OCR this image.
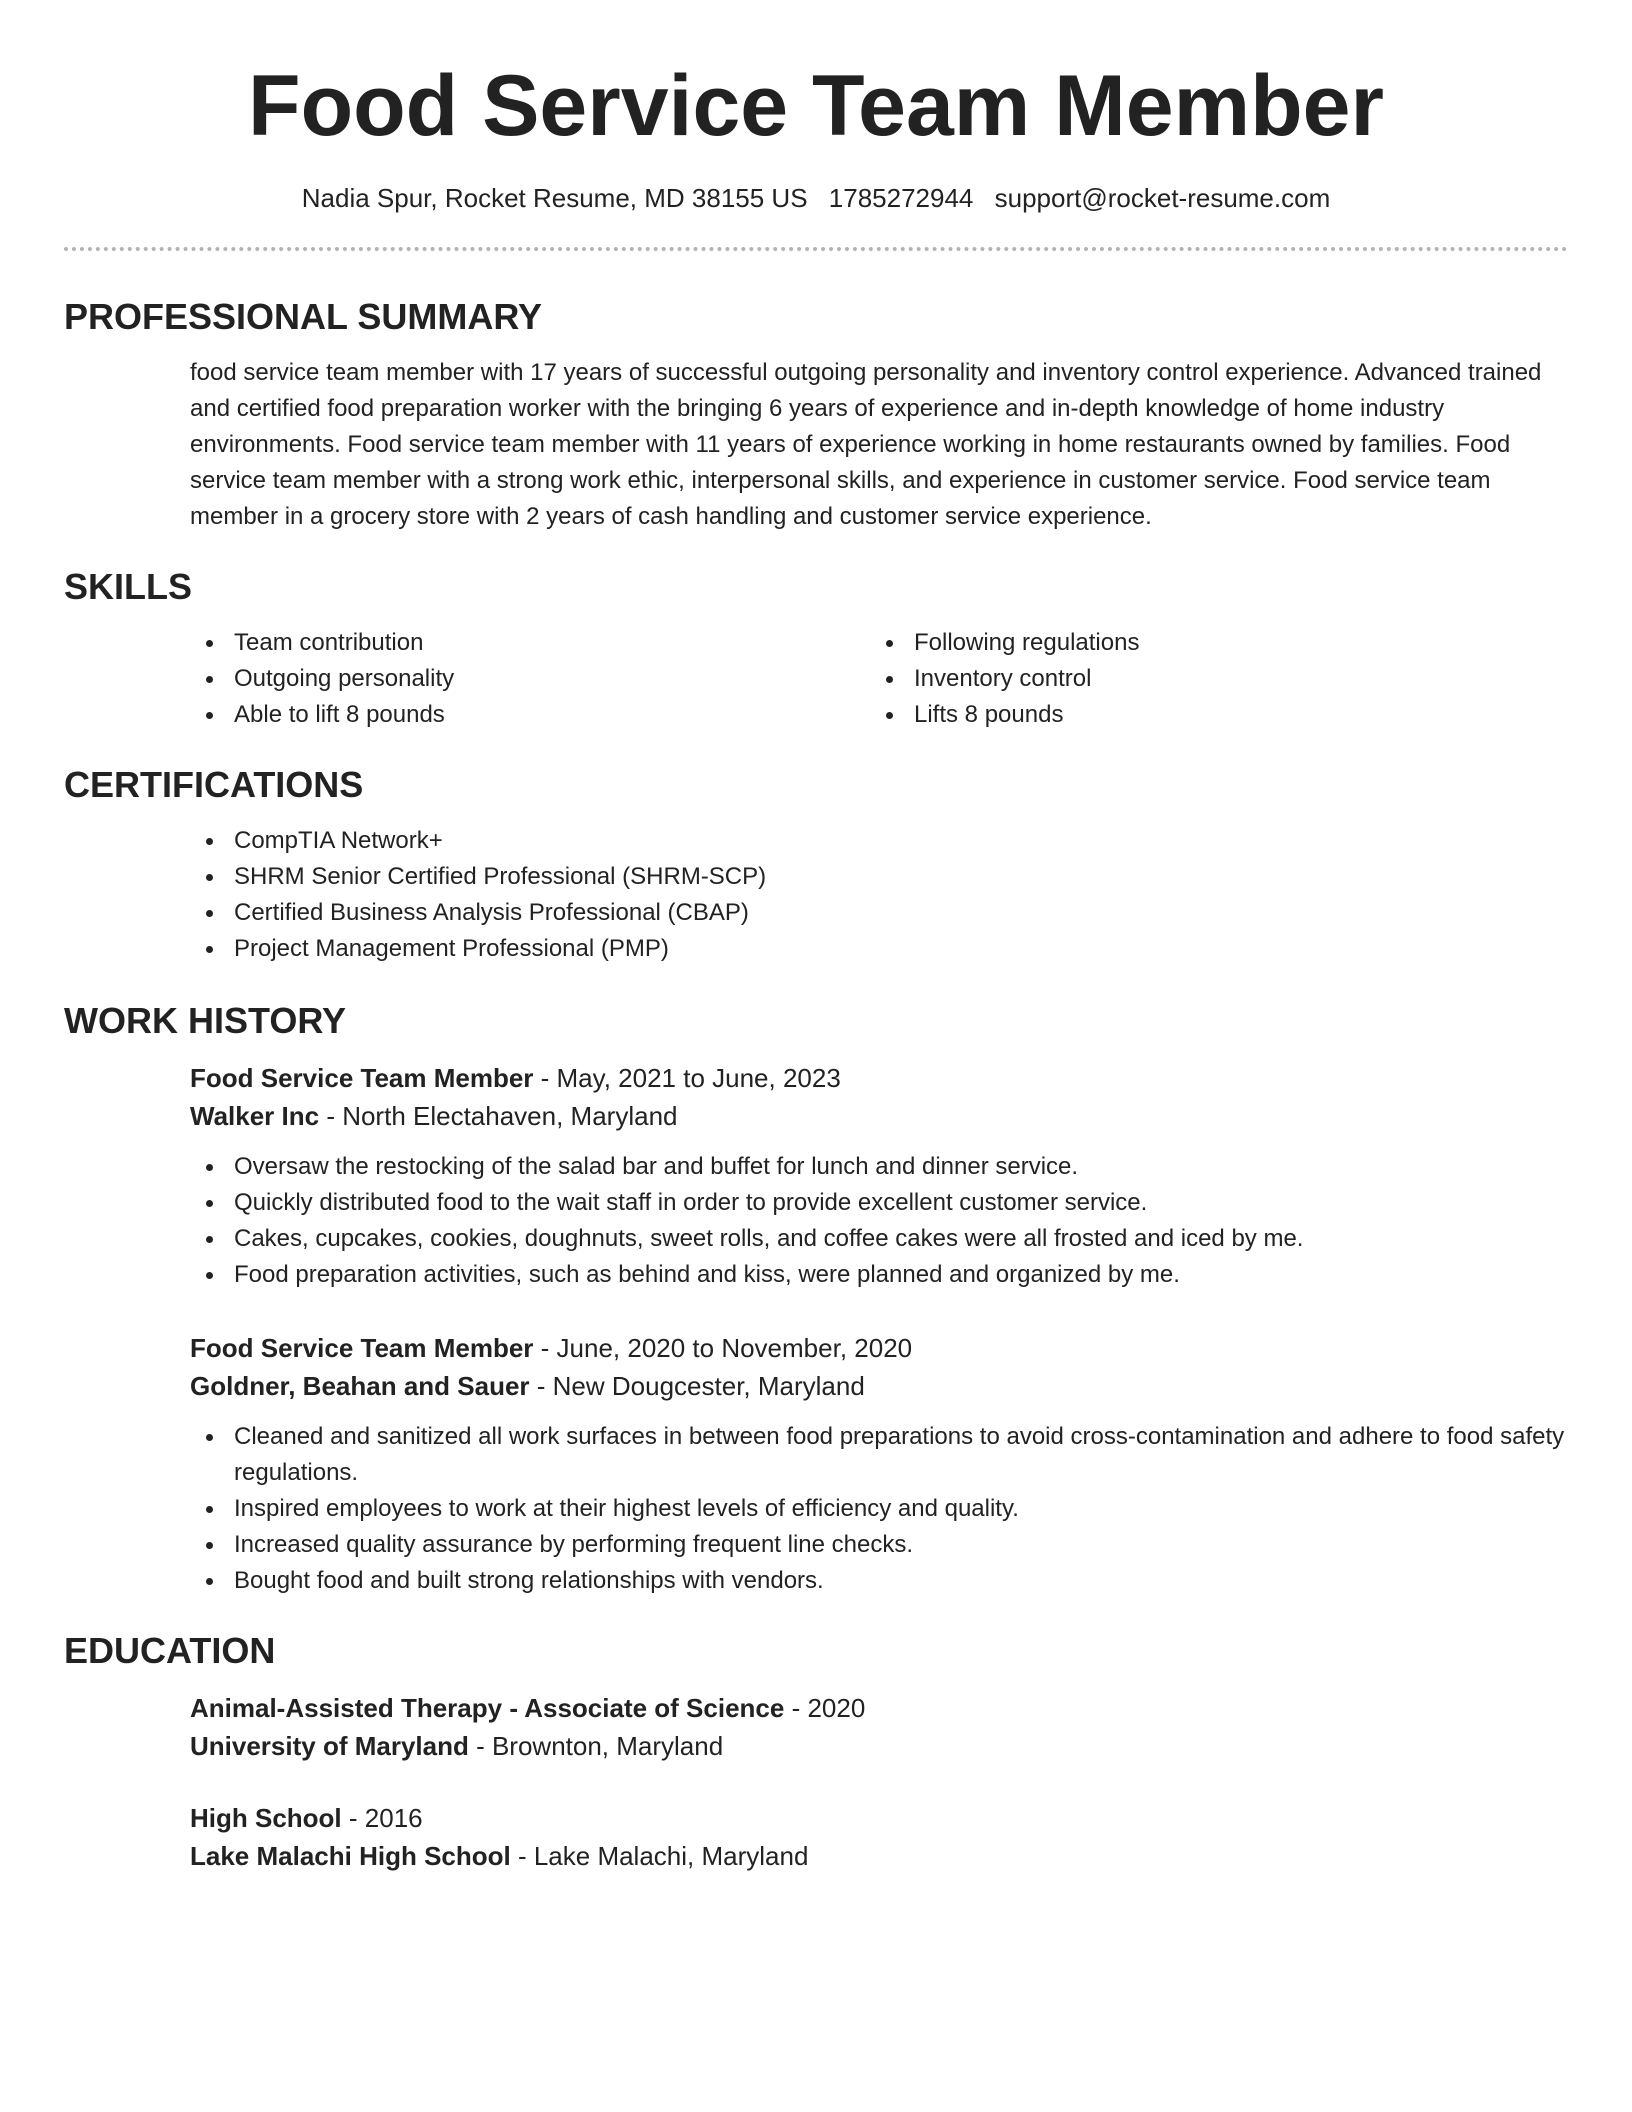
Food Service Team Member
Nadia Spur, Rocket Resume, MD 38155 US 1785272944 support@rocket-resume.com
PROFESSIONAL SUMMARY
food service team member with 17 years of successful outgoing personality and inventory control experience. Advanced trained and certified food preparation worker with the bringing 6 years of experience and in-depth knowledge of home industry environments. Food service team member with 11 years of experience working in home restaurants owned by families. Food service team member with a strong work ethic, interpersonal skills, and experience in customer service. Food service team member in a grocery store with 2 years of cash handling and customer service experience.
SKILLS
Team contribution
Outgoing personality
Able to lift 8 pounds
Following regulations
Inventory control
Lifts 8 pounds
CERTIFICATIONS
CompTIA Network+
SHRM Senior Certified Professional (SHRM-SCP)
Certified Business Analysis Professional (CBAP)
Project Management Professional (PMP)
WORK HISTORY
Food Service Team Member - May, 2021 to June, 2023
Walker Inc - North Electahaven, Maryland
Oversaw the restocking of the salad bar and buffet for lunch and dinner service.
Quickly distributed food to the wait staff in order to provide excellent customer service.
Cakes, cupcakes, cookies, doughnuts, sweet rolls, and coffee cakes were all frosted and iced by me.
Food preparation activities, such as behind and kiss, were planned and organized by me.
Food Service Team Member - June, 2020 to November, 2020
Goldner, Beahan and Sauer - New Dougcester, Maryland
Cleaned and sanitized all work surfaces in between food preparations to avoid cross-contamination and adhere to food safety regulations.
Inspired employees to work at their highest levels of efficiency and quality.
Increased quality assurance by performing frequent line checks.
Bought food and built strong relationships with vendors.
EDUCATION
Animal-Assisted Therapy - Associate of Science - 2020
University of Maryland - Brownton, Maryland
High School - 2016
Lake Malachi High School - Lake Malachi, Maryland
